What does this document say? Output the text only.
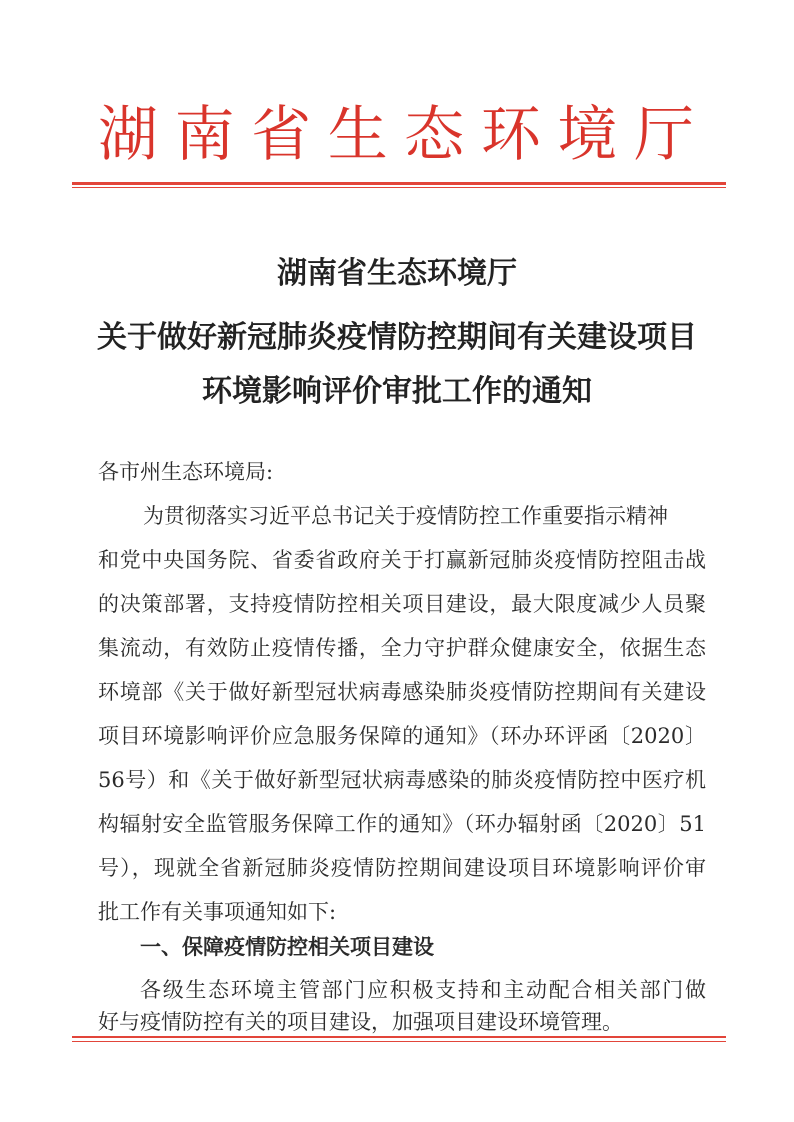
湖南省生态环境厅
湖南省生态环境厅
关于做好新冠肺炎疫情防控期间有关建设项目
环境影响评价审批工作的通知
各市州生态环境局:
为贯彻落实习近平总书记关于疫情防控工作重要指示精神
和党中央国务院、省委省政府关于打赢新冠肺炎疫情防控阻击战
的决策部署，支持疫情防控相关项目建设，最大限度减少人员聚
集流动，有效防止疫情传播，全力守护群众健康安全，依据生态
环境部《关于做好新型冠状病毒感染肺炎疫情防控期间有关建设
项目环境影响评价应急服务保障的通知》（环办环评函〔2020〕
56号）和《关于做好新型冠状病毒感染的肺炎疫情防控中医疗机
构辐射安全监管服务保障工作的通知》（环办辐射函〔2020〕51
号），现就全省新冠肺炎疫情防控期间建设项目环境影响评价审
批工作有关事项通知如下:
一、保障疫情防控相关项目建设
各级生态环境主管部门应积极支持和主动配合相关部门做
好与疫情防控有关的项目建设，加强项目建设环境管理。
